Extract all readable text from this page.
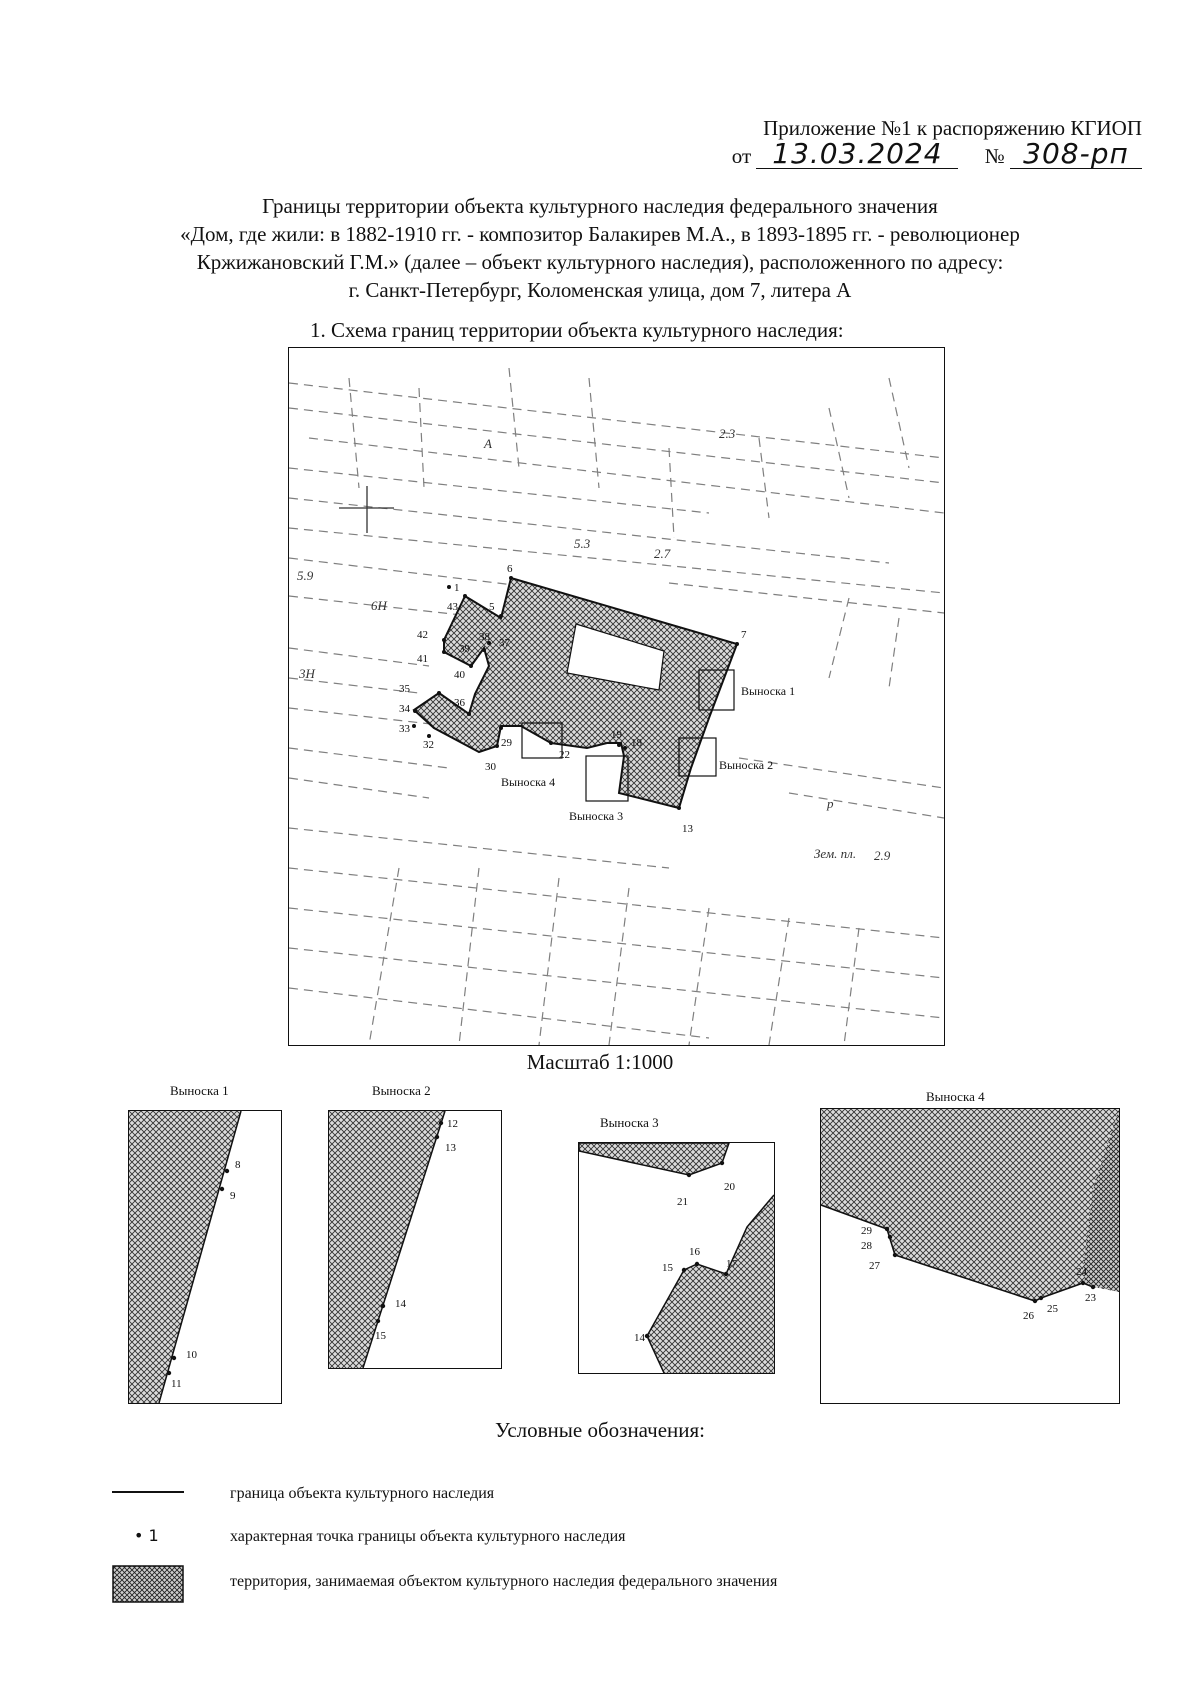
Приложение №1 к распоряжению КГИОП
от 13.03.2024 № 308-рп
Границы территории объекта культурного наследия федерального значения
«Дом, где жили: в 1882-1910 гг. - композитор Балакирев М.А., в 1893-1895 гг. - революционер
Кржижановский Г.М.» (далее – объект культурного наследия), расположенного по адресу:
г. Санкт-Петербург, Коломенская улица, дом 7, литера А
1. Схема границ территории объекта культурного наследия:
5.3
2.3
5.9
6Н
3Н
2.7
А
2.9
Зем. пл.
р
Выноска 1
Выноска 2
Выноска 3
Выноска 4
1
5
6
7
13
18
19
22
29
30
32
33
34
35
36
37
38
39
40
41
42
43
Масштаб 1:1000
Выноска 1
8
9
10
11
Выноска 2
12
13
14
15
Выноска 3
20
21
16
17
15
14
Выноска 4
29
28
27
26
25
24
23
Условные обозначения:
граница объекта культурного наследия
• 1	характерная точка границы объекта культурного наследия
территория, занимаемая объектом культурного наследия федерального значения
